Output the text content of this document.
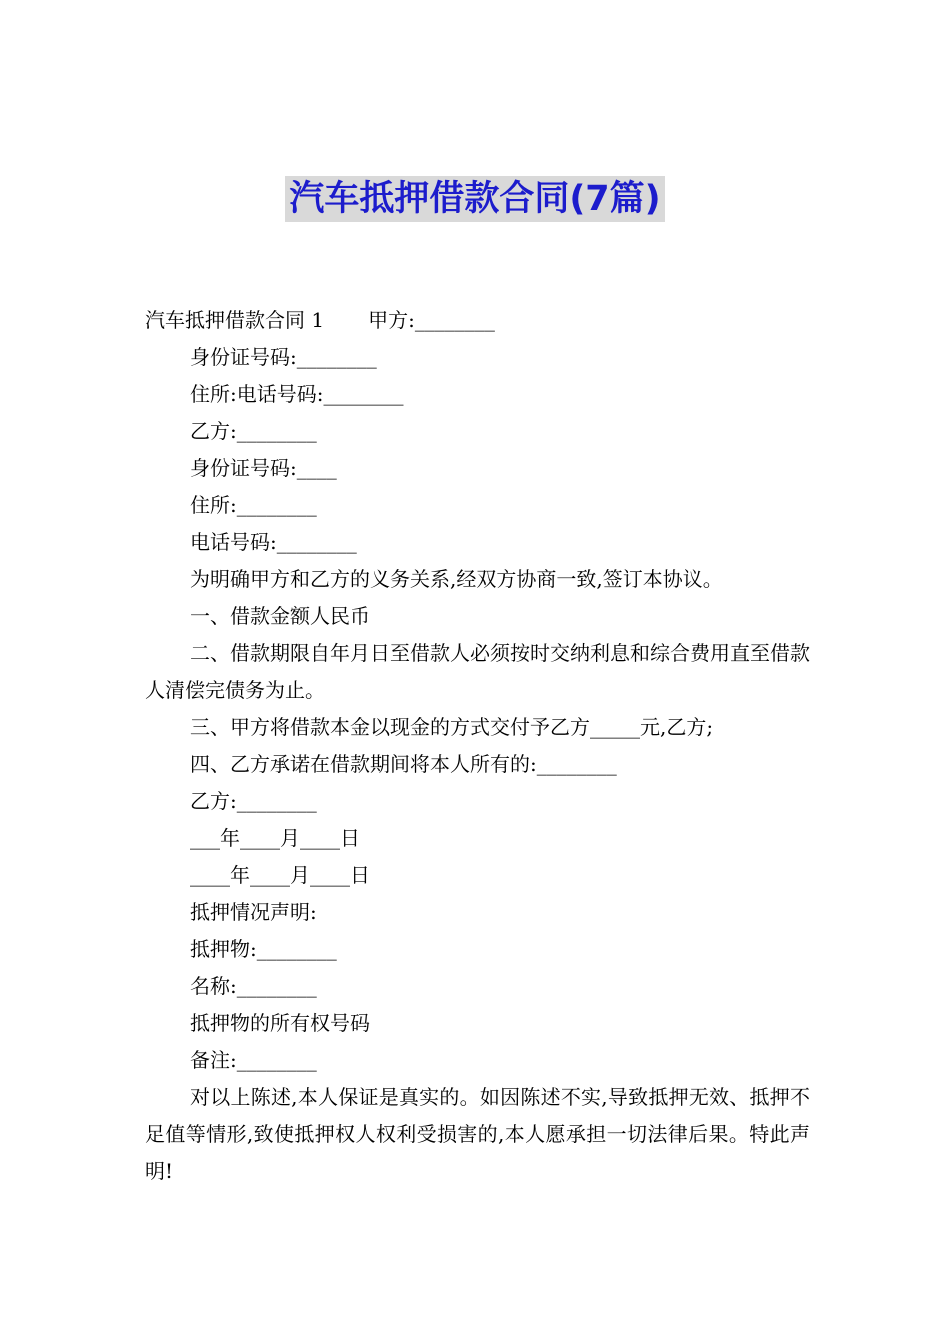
汽车抵押借款合同(7篇)
汽车抵押借款合同 1 甲方:________
身份证号码:________
住所:电话号码:________
乙方:________
身份证号码:____
住所:________
电话号码:________
为明确甲方和乙方的义务关系,经双方协商一致,签订本协议。
一、借款金额人民币
二、借款期限自年月日至借款人必须按时交纳利息和综合费用直至借款人清偿完债务为止。
三、甲方将借款本金以现金的方式交付予乙方_____元,乙方;
四、乙方承诺在借款期间将本人所有的:________
乙方:________
___年____月____日
____年____月____日
抵押情况声明:
抵押物:________
名称:________
抵押物的所有权号码
备注:________
对以上陈述,本人保证是真实的。如因陈述不实,导致抵押无效、抵押不足值等情形,致使抵押权人权利受损害的,本人愿承担一切法律后果。特此声明!
